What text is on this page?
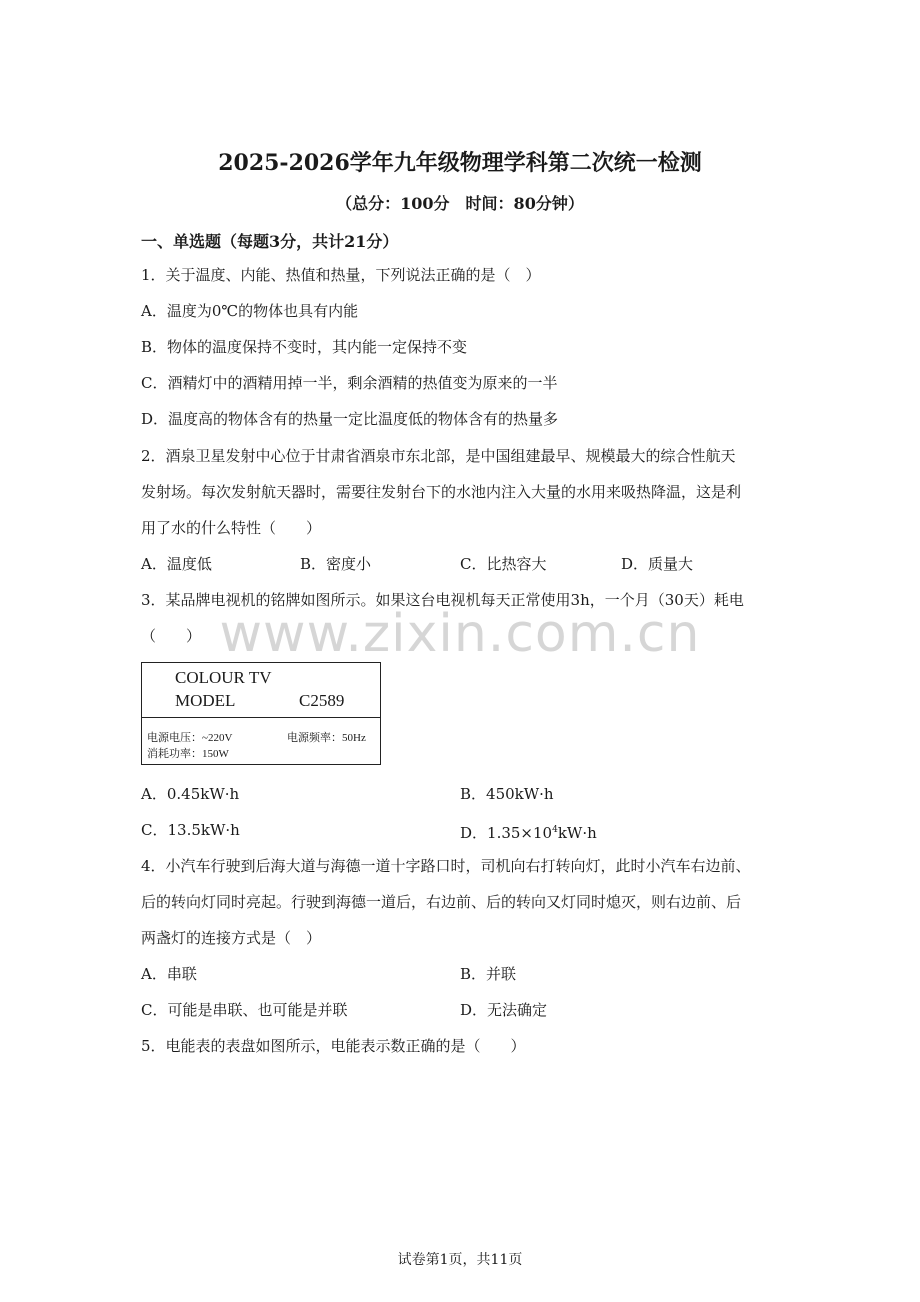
2025-2026学年九年级物理学科第二次统一检测
（总分：100分　时间：80分钟）
一、单选题（每题3分，共计21分）
1．关于温度、内能、热值和热量，下列说法正确的是（　）
A．温度为0℃的物体也具有内能
B．物体的温度保持不变时，其内能一定保持不变
C．酒精灯中的酒精用掉一半，剩余酒精的热值变为原来的一半
D．温度高的物体含有的热量一定比温度低的物体含有的热量多
2．酒泉卫星发射中心位于甘肃省酒泉市东北部，是中国组建最早、规模最大的综合性航天
发射场。每次发射航天器时，需要往发射台下的水池内注入大量的水用来吸热降温，这是利
用了水的什么特性（　　）
A．温度低	B．密度小	C．比热容大	D．质量大
3．某品牌电视机的铭牌如图所示。如果这台电视机每天正常使用3h，一个月（30天）耗电
（　　） www.zixin.com.cn
COLOUR TV
MODEL	C2589
电源电压：~220V	电源频率：50Hz
消耗功率：150W
A．0.45kW·h	B．450kW·h
C．13.5kW·h	D．$1.35\times 10^4kW\cdot h$
4．小汽车行驶到后海大道与海德一道十字路口时，司机向右打转向灯，此时小汽车右边前、
后的转向灯同时亮起。行驶到海德一道后，右边前、后的转向又灯同时熄灭，则右边前、后
两盏灯的连接方式是（　）
A．串联	B．并联
C．可能是串联、也可能是并联	D．无法确定
5．电能表的表盘如图所示，电能表示数正确的是（　　）
试卷第1页，共11页
